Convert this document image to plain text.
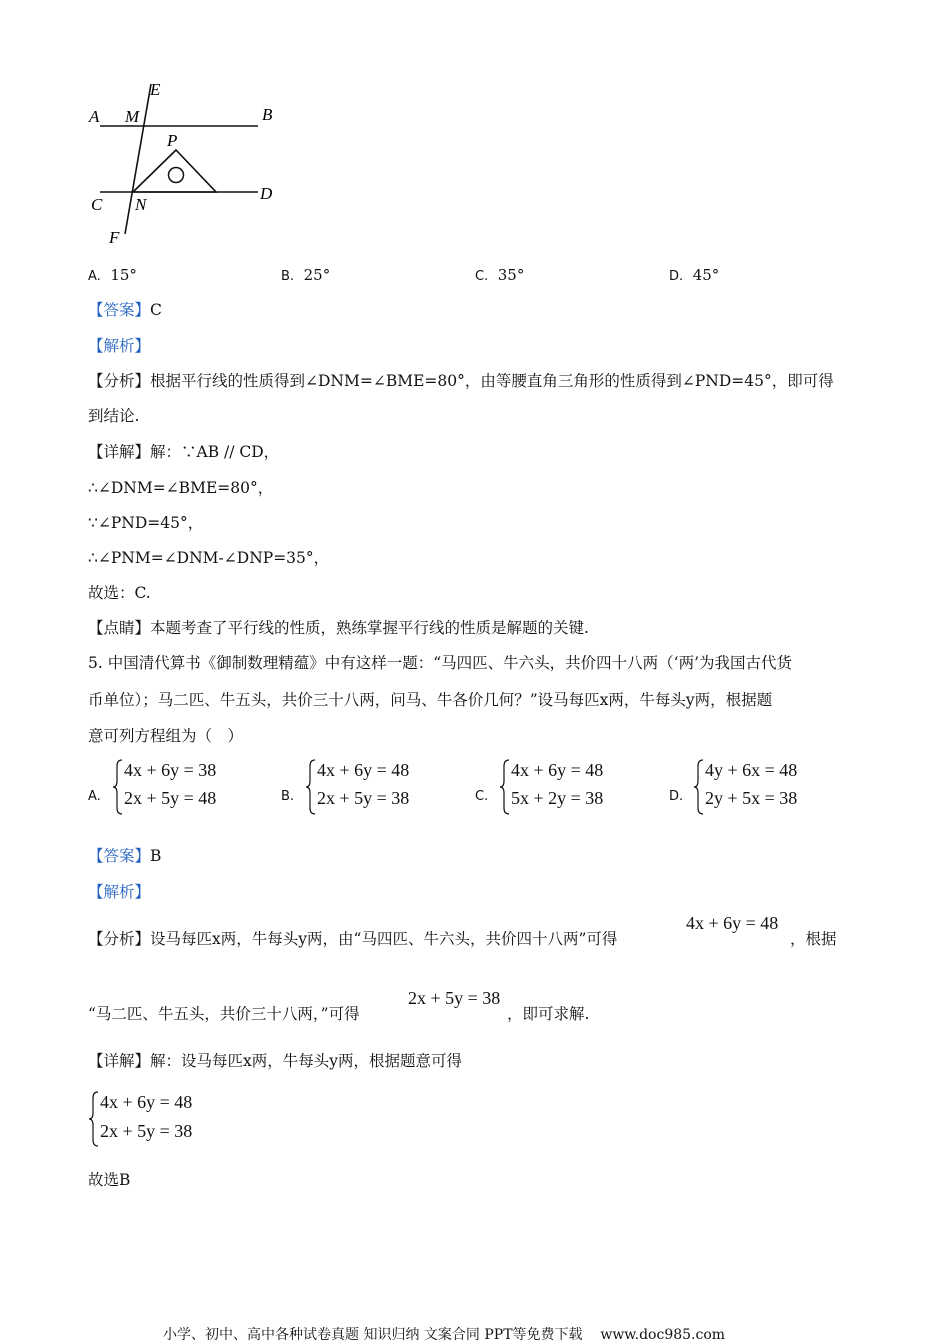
A M
E
B
P
C N
D
F
A. 15°	B. 25°	C. 35°	D. 45°
【答案】C
【解析】
【分析】根据平行线的性质得到∠DNM=∠BME=80°，由等腰直角三角形的性质得到∠PND=45°，即可得
到结论.
【详解】解：∵AB // CD，
∴∠DNM=∠BME=80°，
∵∠PND=45°，
∴∠PNM=∠DNM-∠DNP=35°，
故选：C.
【点睛】本题考查了平行线的性质，熟练掌握平行线的性质是解题的关键.
5. 中国清代算书《御制数理精蕴》中有这样一题：“马四匹、牛六头，共价四十八两（‘两’为我国古代货
币单位）；马二匹、牛五头，共价三十八两，问马、牛各价几何？”设马每匹x两，牛每头y两，根据题
意可列方程组为（　）
A.
4x + 6y = 38
2x + 5y = 48	B.
4x + 6y = 48
2x + 5y = 38	C.
4x + 6y = 48
5x + 2y = 38	D.
4y + 6x = 48
2y + 5x = 38
【答案】B
【解析】
【分析】设马每匹x两，牛每头y两，由“马四匹、牛六头，共价四十八两”可得
4x + 6y = 48
，根据
“马二匹、牛五头，共价三十八两，”可得
2x + 5y = 38
，即可求解.
【详解】解：设马每匹x两，牛每头y两，根据题意可得
4x + 6y = 48
2x + 5y = 38
故选B
小学、初中、高中各种试卷真题 知识归纳 文案合同 PPT等免费下载 www.doc985.com
